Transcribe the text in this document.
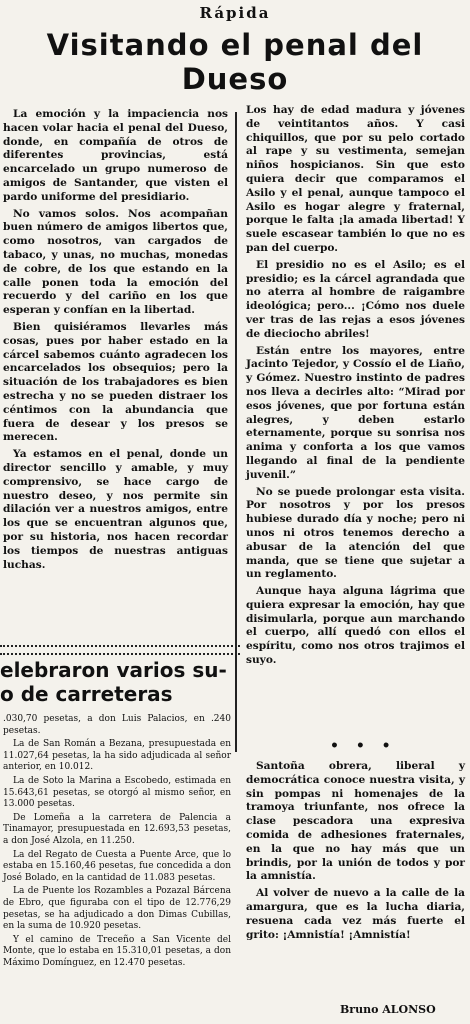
Rápida
Visitando el penal del
Dueso

La emoción y la impaciencia nos hacen volar hacia el penal del Dueso, donde, en compañía de otros de diferentes provincias, está encarcelado un grupo numeroso de amigos de Santander, que visten el pardo uniforme del presidiario.

No vamos solos. Nos acompañan buen número de amigos libertos que, como nosotros, van cargados de tabaco, y unas, no muchas, monedas de cobre, de los que estando en la calle ponen toda la emoción del recuerdo y del cariño en los que esperan y confían en la libertad.

Bien quisiéramos llevarles más cosas, pues por haber estado en la cárcel sabemos cuánto agradecen los encarcelados los obsequios; pero la situación de los trabajadores es bien estrecha y no se pueden distraer los céntimos con la abundancia que fuera de desear y los presos se merecen.

Ya estamos en el penal, donde un director sencillo y amable, y muy comprensivo, se hace cargo de nuestro deseo, y nos permite sin dilación ver a nuestros amigos, entre los que se encuentran algunos que, por su historia, nos hacen recordar los tiempos de nuestras antiguas luchas.

Los hay de edad madura y jóvenes de veintitantos años. Y casi chiquillos, que por su pelo cortado al rape y su vestimenta, semejan niños hospicianos. Sin que esto quiera decir que comparamos el Asilo y el penal, aunque tampoco el Asilo es hogar alegre y fraternal, porque le falta ¡la amada libertad! Y suele escasear también lo que no es pan del cuerpo.

El presidio no es el Asilo; es el presidio; es la cárcel agrandada que no aterra al hombre de raigambre ideológica; pero... ¡Cómo nos duele ver tras de las rejas a esos jóvenes de dieciocho abriles!

Están entre los mayores, entre Jacinto Tejedor, y Cossío el de Liaño, y Gómez. Nuestro instinto de padres nos lleva a decirles alto: “Mirad por esos jóvenes, que por fortuna están alegres, y deben estarlo eternamente, porque su sonrisa nos anima y conforta a los que vamos llegando al final de la pendiente juvenil.”

No se puede prolongar esta visita. Por nosotros y por los presos hubiese durado día y noche; pero ni unos ni otros tenemos derecho a abusar de la atención del que manda, que se tiene que sujetar a un reglamento.

Aunque haya alguna lágrima que quiera expresar la emoción, hay que disimularla, porque aun marchando el cuerpo, allí quedó con ellos el espíritu, como nos otros trajimos el suyo.

elebraron varios su-
o de carreteras

.030,70 pesetas, a don Luis Palacios, en .240 pesetas.

La de San Román a Bezana, presupuestada en 11.027,64 pesetas, la ha sido adjudicada al señor anterior, en 10.012.

La de Soto la Marina a Escobedo, estimada en 15.643,61 pesetas, se otorgó al mismo señor, en 13.000 pesetas.

De Lomeña a la carretera de Palencia a Tinamayor, presupuestada en 12.693,53 pesetas, a don José Alzola, en 11.250.

La del Regato de Cuesta a Puente Arce, que lo estaba en 15.160,46 pesetas, fue concedida a don José Bolado, en la cantidad de 11.083 pesetas.

La de Puente los Rozambles a Pozazal Bárcena de Ebro, que figuraba con el tipo de 12.776,29 pesetas, se ha adjudicado a don Dimas Cubillas, en la suma de 10.920 pesetas.

Y el camino de Treceño a San Vicente del Monte, que lo estaba en 15.310,01 pesetas, a don Máximo Domínguez, en 12.470 pesetas.

• • •

Santoña obrera, liberal y democrática conoce nuestra visita, y sin pompas ni homenajes de la tramoya triunfante, nos ofrece la clase pescadora una expresiva comida de adhesiones fraternales, en la que no hay más que un brindis, por la unión de todos y por la amnistía.

Al volver de nuevo a la calle de la amargura, que es la lucha diaria, resuena cada vez más fuerte el grito: ¡Amnistía! ¡Amnistía!

Bruno ALONSO
